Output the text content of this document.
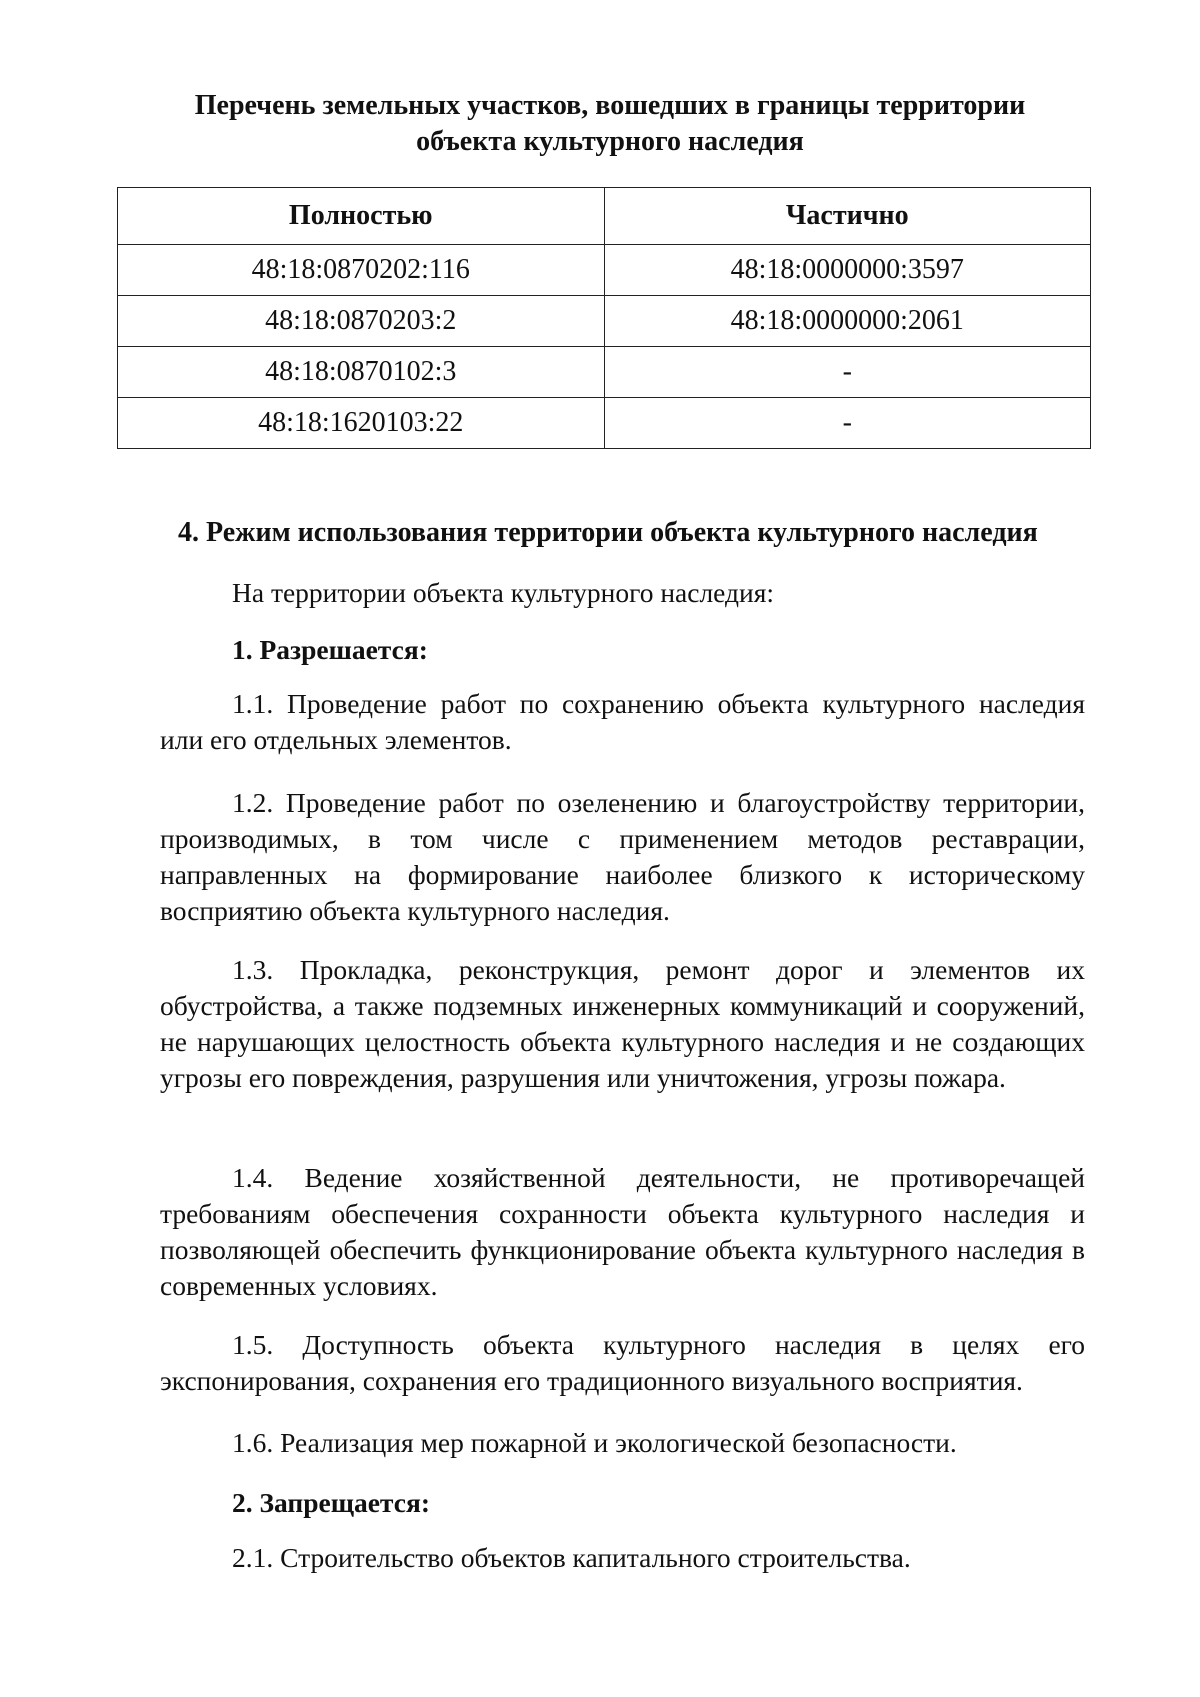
Перечень земельных участков, вошедших в границы территории
объекта культурного наследия
Полностью	Частично
48:18:0870202:116	48:18:0000000:3597
48:18:0870203:2	48:18:0000000:2061
48:18:0870102:3	-
48:18:1620103:22	-
4. Режим использования территории объекта культурного наследия
На территории объекта культурного наследия:
1. Разрешается:
1.1. Проведение работ по сохранению объекта культурного наследия или его отдельных элементов.
1.2. Проведение работ по озеленению и благоустройству территории, производимых, в том числе с применением методов реставрации, направленных на формирование наиболее близкого к историческому восприятию объекта культурного наследия.
1.3. Прокладка, реконструкция, ремонт дорог и элементов их обустройства, а также подземных инженерных коммуникаций и сооружений, не нарушающих целостность объекта культурного наследия и не создающих угрозы его повреждения, разрушения или уничтожения, угрозы пожара.
1.4. Ведение хозяйственной деятельности, не противоречащей требованиям обеспечения сохранности объекта культурного наследия и позволяющей обеспечить функционирование объекта культурного наследия в современных условиях.
1.5. Доступность объекта культурного наследия в целях его экспонирования, сохранения его традиционного визуального восприятия.
1.6. Реализация мер пожарной и экологической безопасности.
2. Запрещается:
2.1. Строительство объектов капитального строительства.
